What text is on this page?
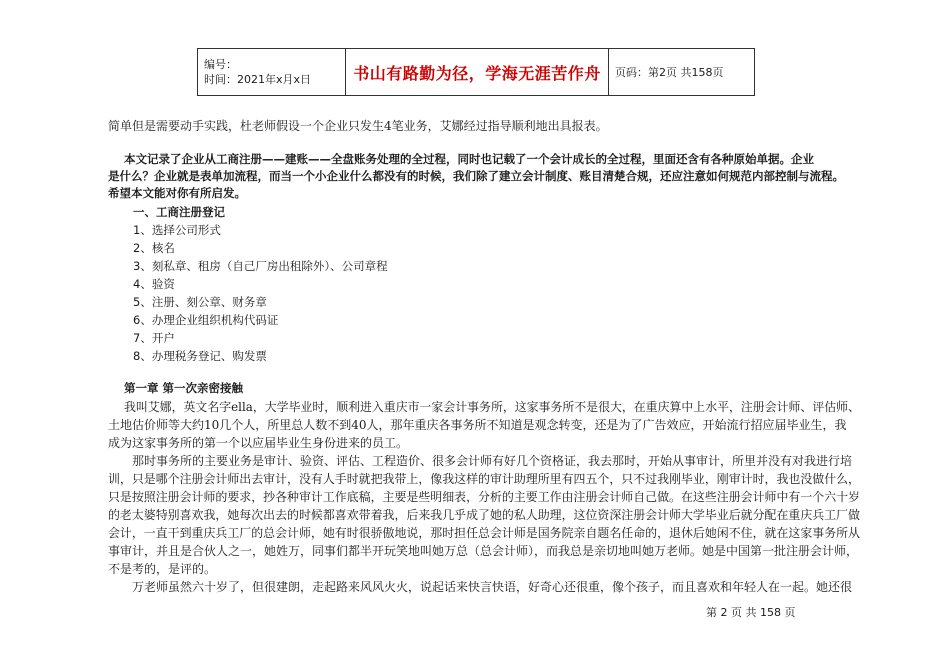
编号：
时间：2021年x月x日	书山有路勤为径，学海无涯苦作舟	页码：第2页 共158页
简单但是需要动手实践，杜老师假设一个企业只发生4笔业务，艾娜经过指导顺利地出具报表。
本文记录了企业从工商注册——建账——全盘账务处理的全过程，同时也记载了一个会计成长的全过程，里面还含有各种原始单据。企业
是什么？企业就是表单加流程，而当一个小企业什么都没有的时候，我们除了建立会计制度、账目清楚合规，还应注意如何规范内部控制与流程。
希望本文能对你有所启发。
一、工商注册登记
1、选择公司形式
2、核名
3、刻私章、租房（自己厂房出租除外）、公司章程
4、验资
5、注册、刻公章、财务章
6、办理企业组织机构代码证
7、开户
8、办理税务登记、购发票
第一章 第一次亲密接触
我叫艾娜，英文名字ella，大学毕业时，顺利进入重庆市一家会计事务所，这家事务所不是很大，在重庆算中上水平，注册会计师、评估师、
土地估价师等大约10几个人，所里总人数不到40人，那年重庆各事务所不知道是观念转变，还是为了广告效应，开始流行招应届毕业生，我
成为这家事务所的第一个以应届毕业生身份进来的员工。
　　那时事务所的主要业务是审计、验资、评估、工程造价、很多会计师有好几个资格证，我去那时，开始从事审计，所里并没有对我进行培
训，只是哪个注册会计师出去审计，没有人手时就把我带上，像我这样的审计助理所里有四五个，只不过我刚毕业，刚审计时，我也没做什么，
只是按照注册会计师的要求，抄各种审计工作底稿，主要是些明细表，分析的主要工作由注册会计师自己做。在这些注册会计师中有一个六十岁
的老太婆特别喜欢我，她每次出去的时候都喜欢带着我，后来我几乎成了她的私人助理，这位资深注册会计师大学毕业后就分配在重庆兵工厂做
会计，一直干到重庆兵工厂的总会计师，她有时很骄傲地说，那时担任总会计师是国务院亲自题名任命的，退休后她闲不住，就在这家事务所从
事审计，并且是合伙人之一，她姓万，同事们都半开玩笑地叫她万总（总会计师），而我总是亲切地叫她万老师。她是中国第一批注册会计师，
不是考的，是评的。
　　万老师虽然六十岁了，但很建朗，走起路来风风火火，说起话来快言快语，好奇心还很重，像个孩子，而且喜欢和年轻人在一起。她还很
第 2 页 共 158 页
